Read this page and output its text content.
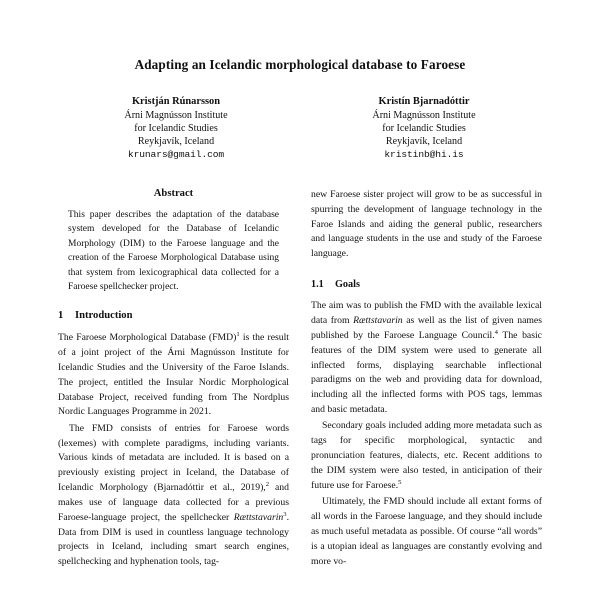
Adapting an Icelandic morphological database to Faroese
Kristján Rúnarsson
Árni Magnússon Institute
for Icelandic Studies
Reykjavík, Iceland
krunars@gmail.com
Kristín Bjarnadóttir
Árni Magnússon Institute
for Icelandic Studies
Reykjavík, Iceland
kristinb@hi.is
Abstract

This paper describes the adaptation of the database system developed for the Database of Icelandic Morphology (DIM) to the Faroese language and the creation of the Faroese Morphological Database using that system from lexicographical data collected for a Faroese spellchecker project.

1 Introduction

The Faroese Morphological Database (FMD)$^1$ is the result of a joint project of the Árni Magnússon Institute for Icelandic Studies and the University of the Faroe Islands. The project, entitled the Insular Nordic Morphological Database Project, received funding from The Nordplus Nordic Languages Programme in 2021.

The FMD consists of entries for Faroese words (lexemes) with complete paradigms, including variants. Various kinds of metadata are included. It is based on a previously existing project in Iceland, the Database of Icelandic Morphology (Bjarnadóttir et al., 2019),$^2$ and makes use of language data collected for a previous Faroese-language project, the spellchecker Rættstavarin$^3$. Data from DIM is used in countless language technology projects in Iceland, including smart search engines, spellchecking and hyphenation tools, tag-

new Faroese sister project will grow to be as successful in spurring the development of language technology in the Faroe Islands and aiding the general public, researchers and language students in the use and study of the Faroese language.

1.1 Goals

The aim was to publish the FMD with the available lexical data from Rættstavarin as well as the list of given names published by the Faroese Language Council.$^4$ The basic features of the DIM system were used to generate all inflected forms, displaying searchable inflectional paradigms on the web and providing data for download, including all the inflected forms with POS tags, lemmas and basic metadata.

Secondary goals included adding more metadata such as tags for specific morphological, syntactic and pronunciation features, dialects, etc. Recent additions to the DIM system were also tested, in anticipation of their future use for Faroese.$^5$

Ultimately, the FMD should include all extant forms of all words in the Faroese language, and they should include as much useful metadata as possible. Of course “all words” is a utopian ideal as languages are constantly evolving and more vo-
